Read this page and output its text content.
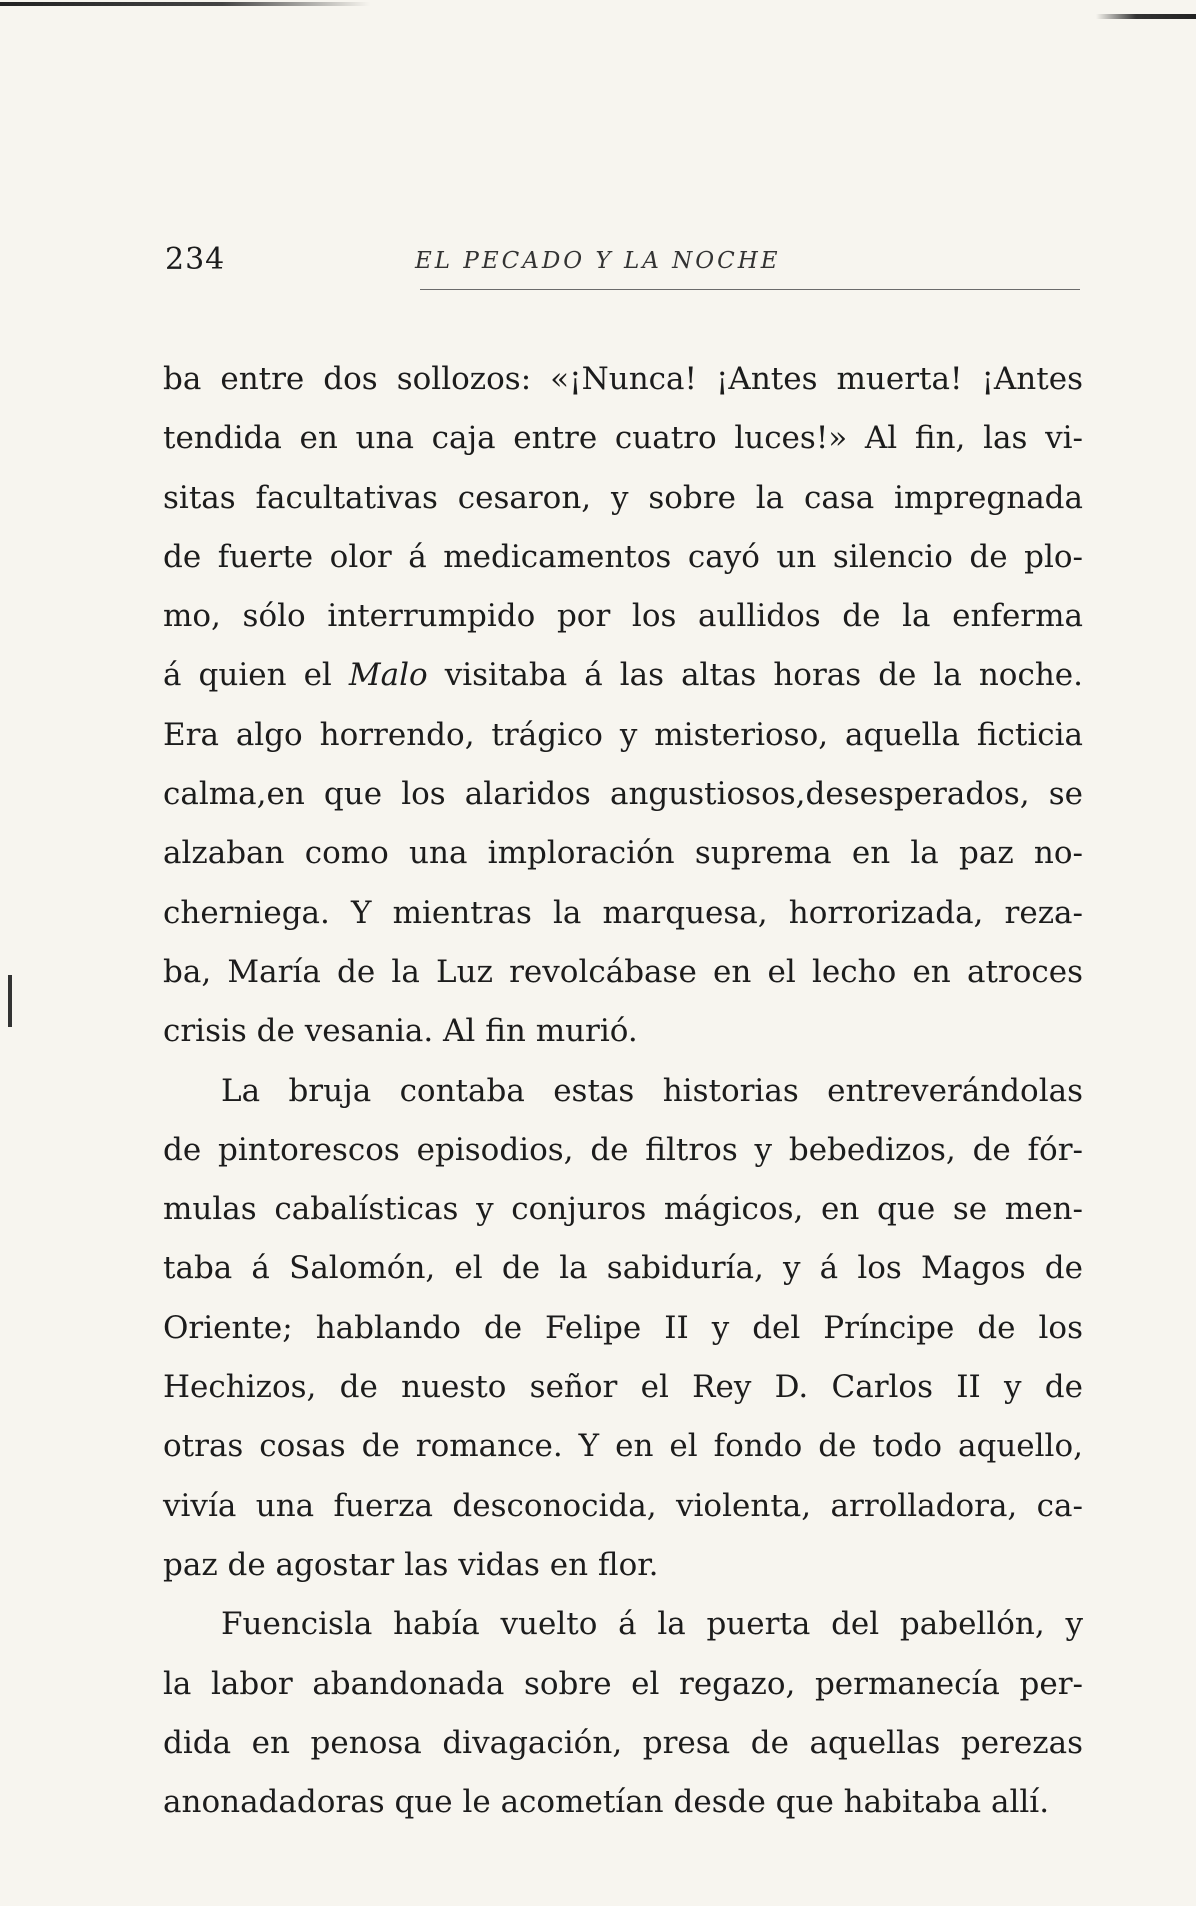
234	EL PECADO Y LA NOCHE
ba entre dos sollozos: «¡Nunca! ¡Antes muerta! ¡Antes
tendida en una caja entre cuatro luces!» Al fin, las vi-
sitas facultativas cesaron, y sobre la casa impregnada
de fuerte olor á medicamentos cayó un silencio de plo-
mo, sólo interrumpido por los aullidos de la enferma
á quien el Malo visitaba á las altas horas de la noche.
Era algo horrendo, trágico y misterioso, aquella ficticia
calma,en que los alaridos angustiosos,desesperados, se
alzaban como una imploración suprema en la paz no-
cherniega. Y mientras la marquesa, horrorizada, reza-
ba, María de la Luz revolcábase en el lecho en atroces
crisis de vesania. Al fin murió.
La bruja contaba estas historias entreverándolas
de pintorescos episodios, de filtros y bebedizos, de fór-
mulas cabalísticas y conjuros mágicos, en que se men-
taba á Salomón, el de la sabiduría, y á los Magos de
Oriente; hablando de Felipe II y del Príncipe de los
Hechizos, de nuesto señor el Rey D. Carlos II y de
otras cosas de romance. Y en el fondo de todo aquello,
vivía una fuerza desconocida, violenta, arrolladora, ca-
paz de agostar las vidas en flor.
Fuencisla había vuelto á la puerta del pabellón, y
la labor abandonada sobre el regazo, permanecía per-
dida en penosa divagación, presa de aquellas perezas
anonadadoras que le acometían desde que habitaba allí.
